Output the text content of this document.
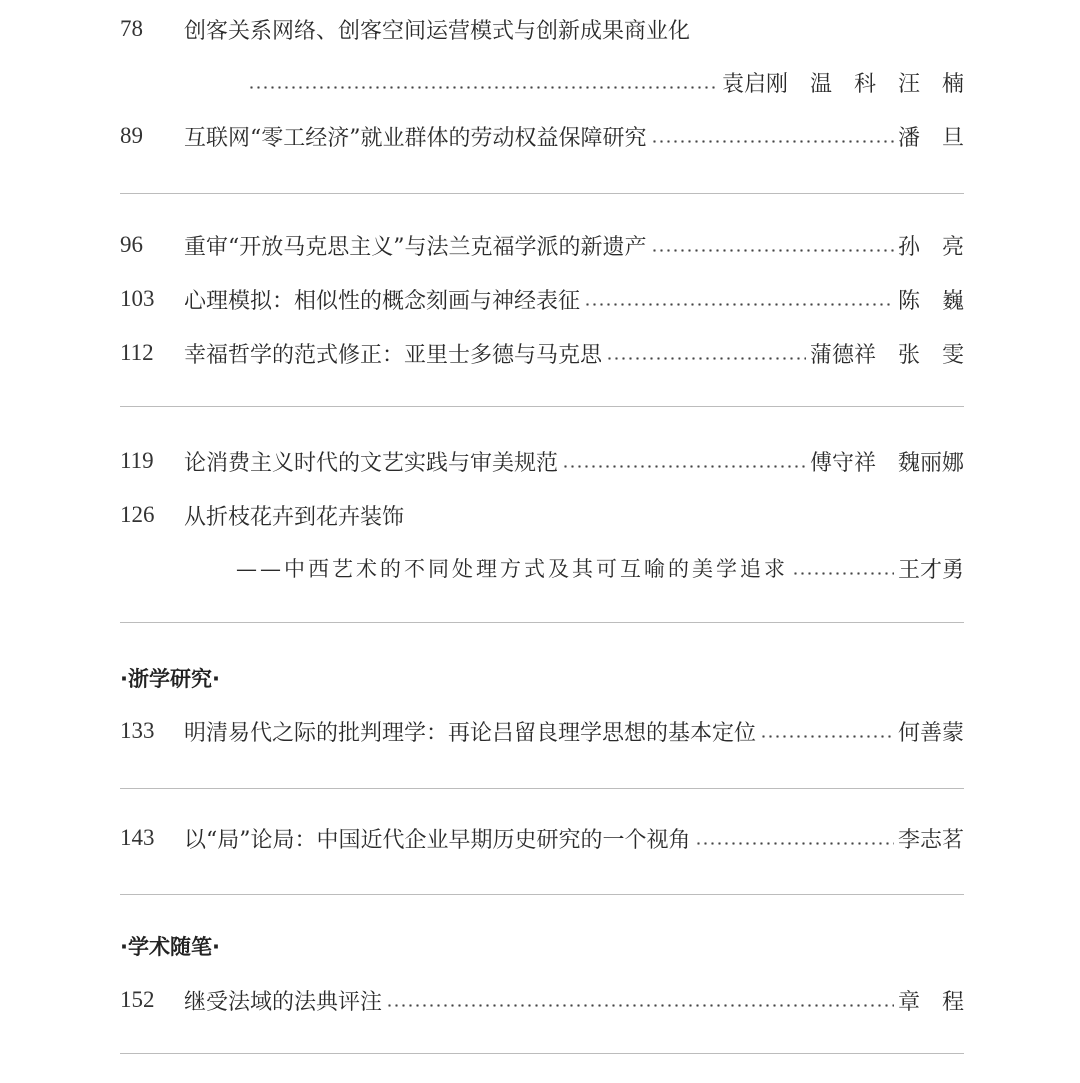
78	创客关系网络、创客空间运营模式与创新成果商业化
袁启刚　温　科　汪　楠
89	互联网“零工经济”就业群体的劳动权益保障研究	潘　旦
96	重审“开放马克思主义”与法兰克福学派的新遗产	孙　亮
103	心理模拟：相似性的概念刻画与神经表征	陈　巍
112	幸福哲学的范式修正：亚里士多德与马克思	蒲德祥　张　雯
119	论消费主义时代的文艺实践与审美规范	傅守祥　魏丽娜
126	从折枝花卉到花卉装饰
——中西艺术的不同处理方式及其可互喻的美学追求	王才勇
·浙学研究·
133	明清易代之际的批判理学：再论吕留良理学思想的基本定位	何善蒙
143	以“局”论局：中国近代企业早期历史研究的一个视角	李志茗
·学术随笔·
152	继受法域的法典评注	章　程
